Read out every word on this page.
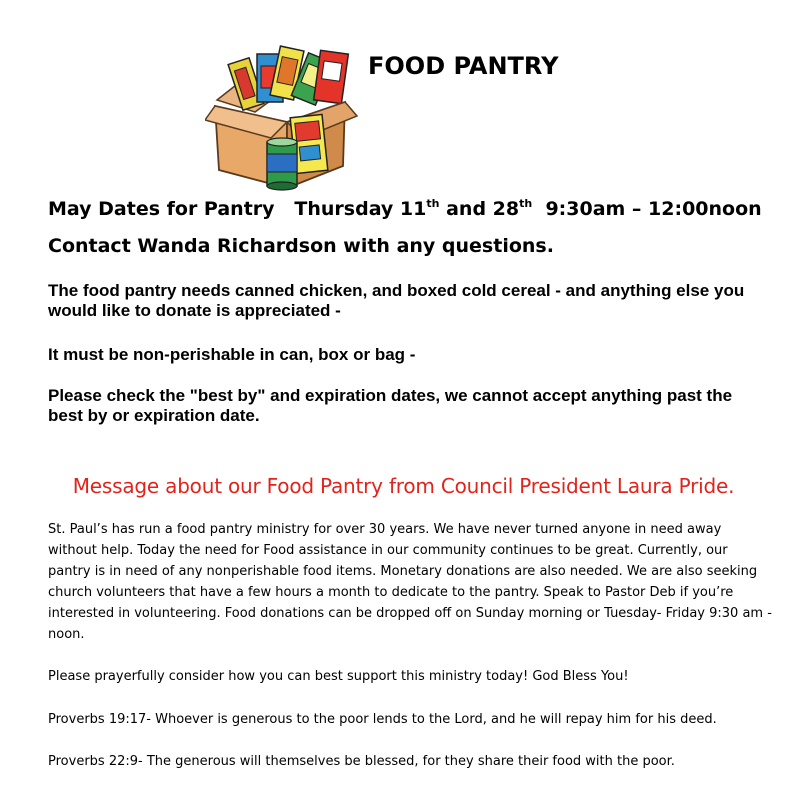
FOOD PANTRY
May Dates for Pantry Thursday 11th and 28th 9:30am – 12:00noon
Contact Wanda Richardson with any questions.

The food pantry needs canned chicken, and boxed cold cereal - and anything else you would like to donate is appreciated -

It must be non-perishable in can, box or bag -

Please check the "best by" and expiration dates, we cannot accept anything past the best by or expiration date.

Message about our Food Pantry from Council President Laura Pride.

St. Paul’s has run a food pantry ministry for over 30 years. We have never turned anyone in need away without help. Today the need for Food assistance in our community continues to be great. Currently, our pantry is in need of any nonperishable food items. Monetary donations are also needed. We are also seeking church volunteers that have a few hours a month to dedicate to the pantry. Speak to Pastor Deb if you’re interested in volunteering. Food donations can be dropped off on Sunday morning or Tuesday- Friday 9:30 am - noon.

Please prayerfully consider how you can best support this ministry today! God Bless You!

Proverbs 19:17- Whoever is generous to the poor lends to the Lord, and he will repay him for his deed.

Proverbs 22:9- The generous will themselves be blessed, for they share their food with the poor.
